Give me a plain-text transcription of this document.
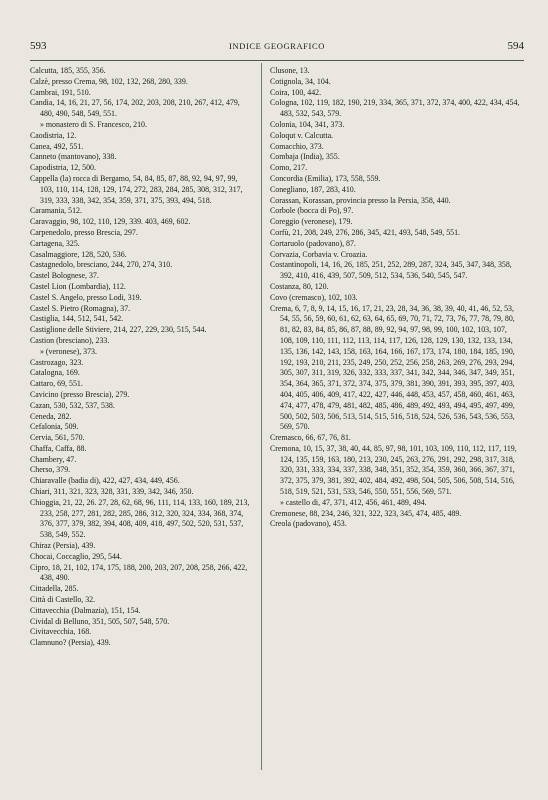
593	INDICE GEOGRAFICO	594
Calcutta, 185, 355, 356.
Calzè, presso Crema, 98, 102, 132, 268, 280, 339.
Cambrai, 191, 510.
Candia, 14, 16, 21, 27, 56, 174, 202, 203, 208, 210, 267, 412, 479, 480, 490, 548, 549, 551.
» monastero di S. Francesco, 210.
Caodistria, 12.
Canea, 492, 551.
Canneto (mantovano), 338.
Capodistria, 12, 500.
Cappella (la) rocca di Bergamo, 54, 84, 85, 87, 88, 92, 94, 97, 99, 103, 110, 114, 128, 129, 174, 272, 283, 284, 285, 308, 312, 317, 319, 333, 338, 342, 354, 359, 371, 375, 393, 494, 518.
Caramania, 512.
Caravaggio, 98, 102, 110, 129, 339. 403, 469, 602.
Carpenedolo, presso Brescia, 297.
Cartagena, 325.
Casalmaggiore, 128, 520, 536.
Castagnedolo, bresciano, 244, 270, 274, 310.
Castel Bolognese, 37.
Castel Lion (Lombardia), 112.
Castel S. Angelo, presso Lodi, 319.
Castel S. Pietro (Romagna), 37.
Castiglia, 144, 512, 541, 542.
Castiglione delle Stiviere, 214, 227, 229, 230, 515, 544.
Castion (bresciano), 233.
» (veronese), 373.
Castrozago, 323.
Catalogna, 169.
Cattaro, 69, 551.
Cavicino (presso Brescia), 279.
Cazan, 530, 532, 537, 538.
Ceneda, 282.
Cefalonia, 509.
Cervia, 561, 570.
Chaffa, Caffa, 88.
Chambery, 47.
Cherso, 379.
Chiaravalle (badia di), 422, 427, 434, 449, 456.
Chiari, 311, 321, 323, 328, 331, 339, 342, 346, 350.
Chioggia, 21, 22, 26. 27, 28, 62, 68, 96, 111, 114, 133, 160, 189, 213, 233, 258, 277, 281, 282, 285, 286, 312, 320, 324, 334, 368, 374, 376, 377, 379, 382, 394, 408, 409, 418, 497, 502, 520, 531, 537, 538, 549, 552.
Chiraz (Persia), 439.
Chocai, Coccaglio, 295, 544.
Cipro, 18, 21, 102, 174, 175, 188, 200, 203, 207, 208, 258, 266, 422, 438, 490.
Cittadella, 285.
Città di Castello, 32.
Cittavecchia (Dalmazia), 151, 154.
Cividal di Belluno, 351, 505, 507, 548, 570.
Civitavecchia, 168.
Clamnuno? (Persia), 439.
Clusone, 13.
Cotignola, 34, 104.
Coira, 100, 442.
Cologna, 102, 119, 182, 190, 219, 334, 365, 371, 372, 374, 400, 422, 434, 454, 483, 532, 543, 579.
Colonia, 104, 341, 373.
Coloqut v. Calcutta.
Comacchio, 373.
Combaja (India), 355.
Como, 217.
Concordia (Emilia), 173, 558, 559.
Conegliano, 187, 283, 410.
Corassan, Korassan, provincia presso la Persia, 358, 440.
Corbole (bocca di Po), 97.
Coreggio (veronese), 179.
Corfù, 21, 208, 249, 276, 286, 345, 421, 493, 548, 549, 551.
Cortaruolo (padovano), 87.
Corvazia, Corbavia v. Croazia.
Costantinopoli, 14, 16, 26, 185, 251, 252, 289, 287, 324, 345, 347, 348, 358, 392, 410, 416, 439, 507, 509, 512, 534, 536, 540, 545, 547.
Costanza, 80, 120.
Covo (cremasco), 102, 103.
Crema, 6, 7, 8, 9, 14, 15, 16, 17, 21, 23, 28, 34, 36, 38, 39, 40, 41, 46, 52, 53, 54, 55, 56, 59, 60, 61, 62, 63, 64, 65, 69, 70, 71, 72, 73, 76, 77, 78, 79, 80, 81, 82, 83, 84, 85, 86, 87, 88, 89, 92, 94, 97, 98, 99, 100, 102, 103, 107, 108, 109, 110, 111, 112, 113, 114, 117, 126, 128, 129, 130, 132, 133, 134, 135, 136, 142, 143, 158, 163, 164, 166, 167, 173, 174, 180, 184, 185, 190, 192, 193, 210, 211, 235, 249, 250, 252, 256, 258, 263, 269, 276, 293, 294, 305, 307, 311, 319, 326, 332, 333, 337, 341, 342, 344, 346, 347, 349, 351, 354, 364, 365, 371, 372, 374, 375, 379, 381, 390, 391, 393, 395, 397, 403, 404, 405, 406, 409, 417, 422, 427, 446, 448, 453, 457, 458, 460, 461, 463, 474, 477, 478, 479, 481, 482, 485, 486, 489, 492, 493, 494, 495, 497, 499, 500, 502, 503, 506, 513, 514, 515, 516, 518, 524, 526, 536, 543, 536, 553, 569, 570.
Cremasco, 66, 67, 76, 81.
Cremona, 10, 15, 37, 38, 40, 44, 85, 97, 98, 101, 103, 109, 110, 112, 117, 119, 124, 135, 159, 163, 180, 213, 230, 245, 263, 276, 291, 292, 298, 317, 318, 320, 331, 333, 334, 337, 338, 348, 351, 352, 354, 359, 360, 366, 367, 371, 372, 375, 379, 381, 392, 402, 484, 492, 498, 504, 505, 506, 508, 514, 516, 518, 519, 521, 531, 533, 546, 550, 551, 556, 569, 571.
» castello di, 47, 371, 412, 456, 461, 489, 494.
Cremonese, 88, 234, 246, 321, 322, 323, 345, 474, 485, 489.
Creola (padovano), 453.
